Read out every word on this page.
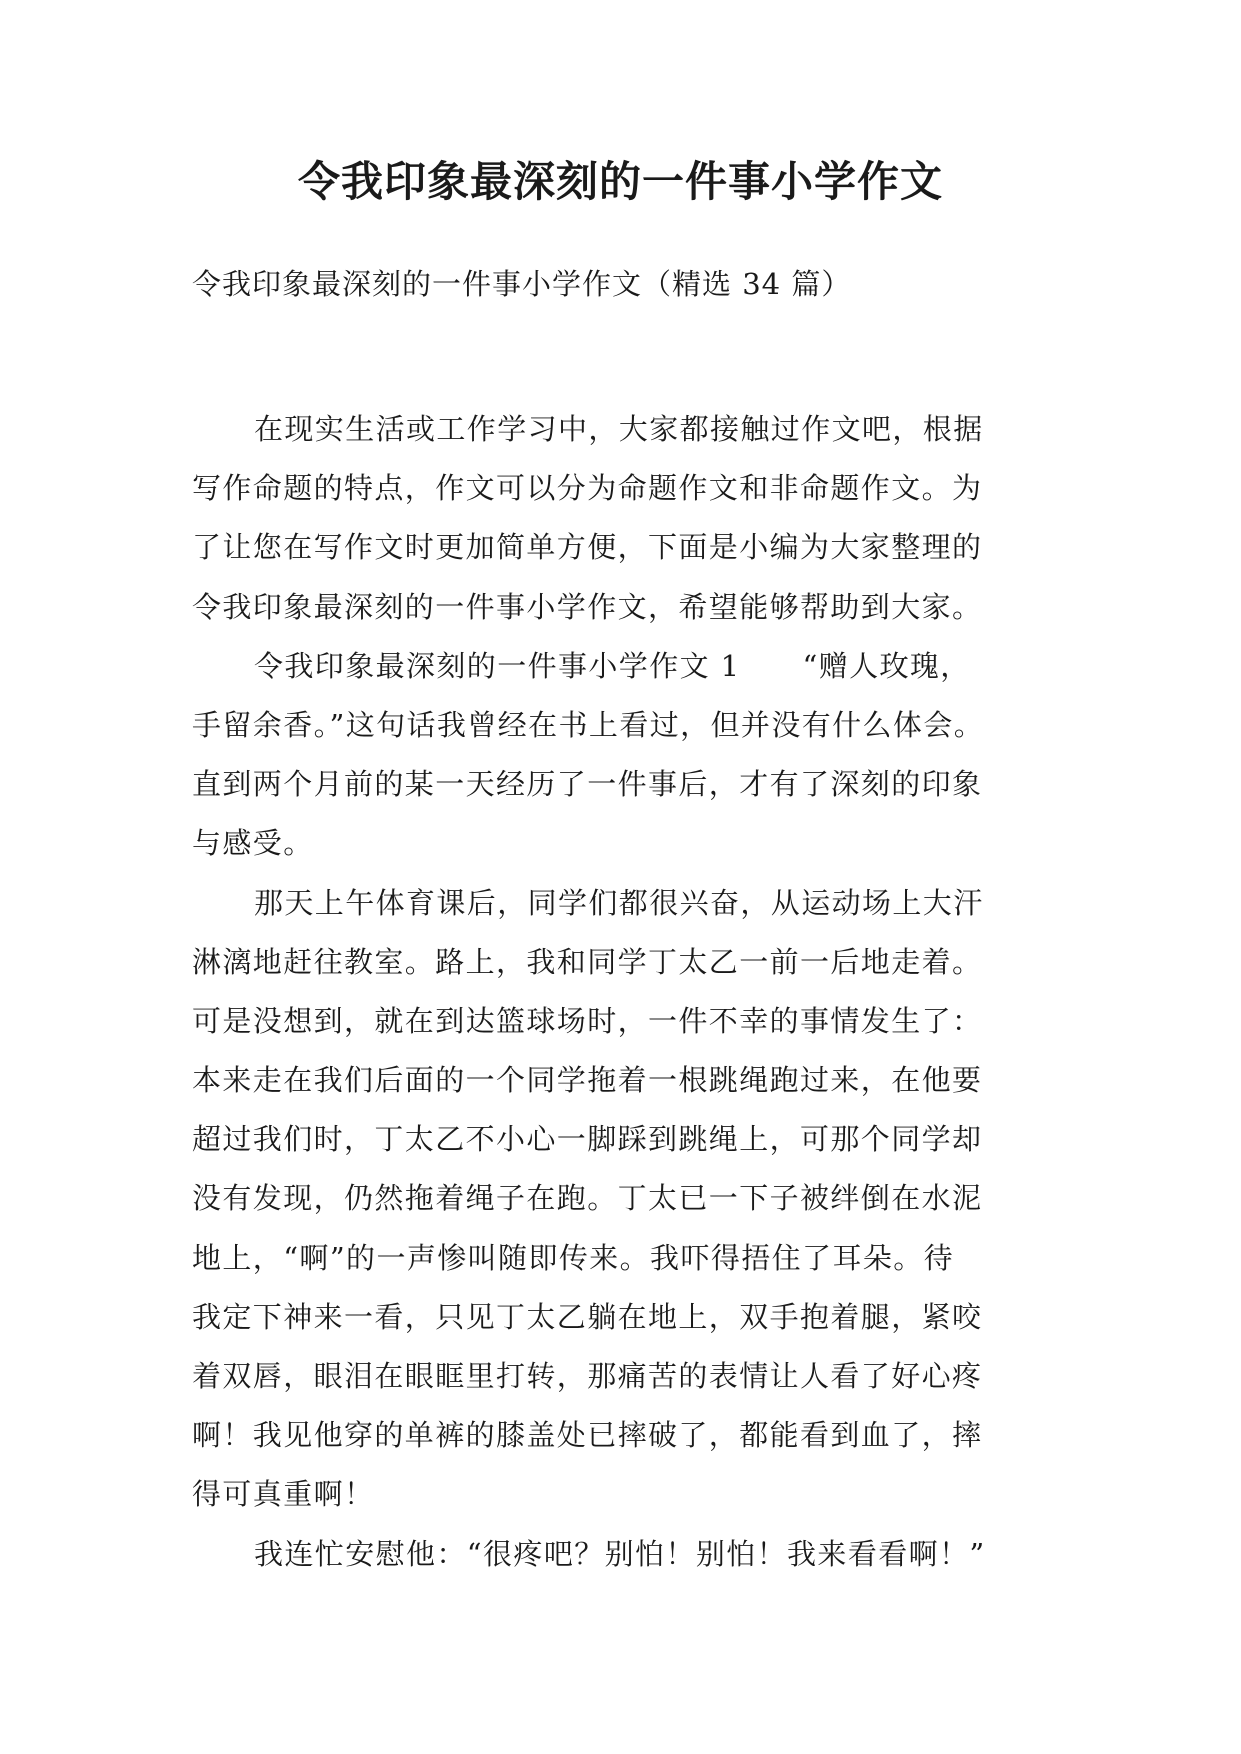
令我印象最深刻的一件事小学作文

令我印象最深刻的一件事小学作文（精选 34 篇）

在现实生活或工作学习中，大家都接触过作文吧，根据

写作命题的特点，作文可以分为命题作文和非命题作文。为

了让您在写作文时更加简单方便，下面是小编为大家整理的

令我印象最深刻的一件事小学作文，希望能够帮助到大家。

令我印象最深刻的一件事小学作文 1 “赠人玫瑰，

手留余香。”这句话我曾经在书上看过，但并没有什么体会。

直到两个月前的某一天经历了一件事后，才有了深刻的印象

与感受。

那天上午体育课后，同学们都很兴奋，从运动场上大汗

淋漓地赶往教室。路上，我和同学丁太乙一前一后地走着。

可是没想到，就在到达篮球场时，一件不幸的事情发生了：

本来走在我们后面的一个同学拖着一根跳绳跑过来，在他要

超过我们时，丁太乙不小心一脚踩到跳绳上，可那个同学却

没有发现，仍然拖着绳子在跑。丁太已一下子被绊倒在水泥

地上，“啊”的一声惨叫随即传来。我吓得捂住了耳朵。待

我定下神来一看，只见丁太乙躺在地上，双手抱着腿，紧咬

着双唇，眼泪在眼眶里打转，那痛苦的表情让人看了好心疼

啊！我见他穿的单裤的膝盖处已摔破了，都能看到血了，摔

得可真重啊！

我连忙安慰他：“很疼吧？别怕！别怕！我来看看啊！”
